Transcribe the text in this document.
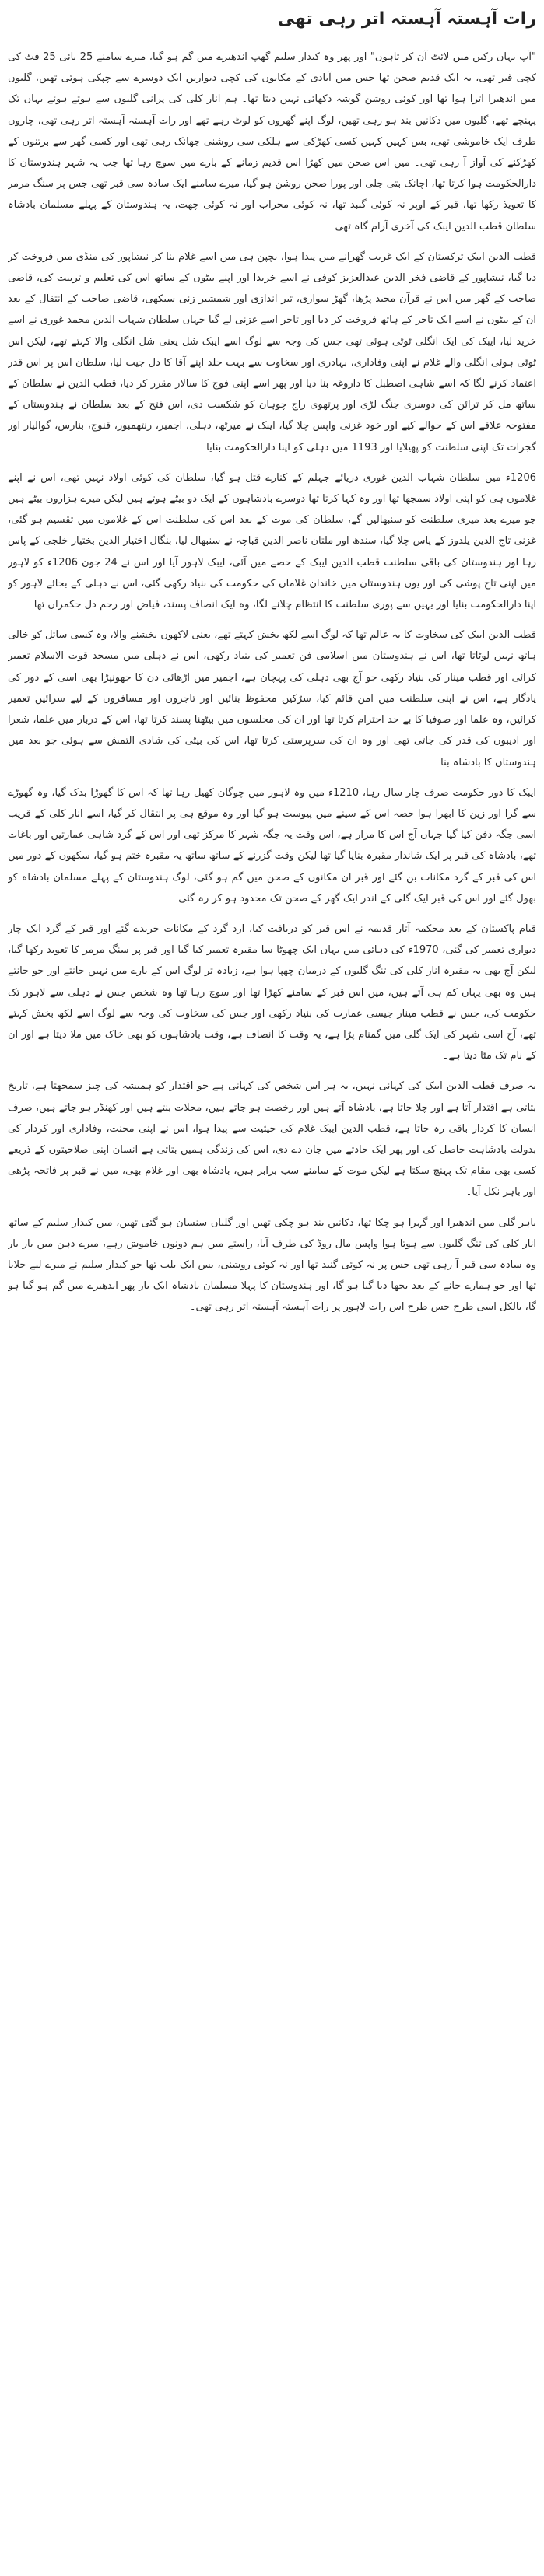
رات آہستہ آہستہ اتر رہی تھی

"آپ یہاں رکیں میں لائٹ آن کر تاہوں" اور پھر وہ کیدار سلیم گھپ اندھیرے میں گم ہو گیا، میرے سامنے 25 بائی 25 فٹ کی کچی قبر تھی، یہ ایک قدیم صحن تھا جس میں آبادی کے مکانوں کی کچی دیواریں ایک دوسرے سے چپکی ہوئی تھیں، گلیوں میں اندھیرا اترا ہوا تھا اور کوئی روشن گوشہ دکھائی نہیں دیتا تھا۔ ہم انار کلی کی پرانی گلیوں سے ہوتے ہوئے یہاں تک پہنچے تھے، گلیوں میں دکانیں بند ہو رہی تھیں، لوگ اپنے گھروں کو لوٹ رہے تھے اور رات آہستہ آہستہ اتر رہی تھی، چاروں طرف ایک خاموشی تھی، بس کہیں کہیں کسی کھڑکی سے ہلکی سی روشنی جھانک رہی تھی اور کسی گھر سے برتنوں کے کھڑکنے کی آواز آ رہی تھی۔ میں اس صحن میں کھڑا اس قدیم زمانے کے بارے میں سوچ رہا تھا جب یہ شہر ہندوستان کا دارالحکومت ہوا کرتا تھا، اچانک بتی جلی اور پورا صحن روشن ہو گیا، میرے سامنے ایک سادہ سی قبر تھی جس پر سنگ مرمر کا تعویذ رکھا تھا، قبر کے اوپر نہ کوئی گنبد تھا، نہ کوئی محراب اور نہ کوئی چھت، یہ ہندوستان کے پہلے مسلمان بادشاہ سلطان قطب الدین ایبک کی آخری آرام گاہ تھی۔

قطب الدین ایبک ترکستان کے ایک غریب گھرانے میں پیدا ہوا، بچپن ہی میں اسے غلام بنا کر نیشاپور کی منڈی میں فروخت کر دیا گیا، نیشاپور کے قاضی فخر الدین عبدالعزیز کوفی نے اسے خریدا اور اپنے بیٹوں کے ساتھ اس کی تعلیم و تربیت کی، قاضی صاحب کے گھر میں اس نے قرآن مجید پڑھا، گھڑ سواری، تیر اندازی اور شمشیر زنی سیکھی، قاضی صاحب کے انتقال کے بعد ان کے بیٹوں نے اسے ایک تاجر کے ہاتھ فروخت کر دیا اور تاجر اسے غزنی لے گیا جہاں سلطان شہاب الدین محمد غوری نے اسے خرید لیا، ایبک کی ایک انگلی ٹوٹی ہوئی تھی جس کی وجہ سے لوگ اسے ایبک شل یعنی شل انگلی والا کہتے تھے، لیکن اس ٹوٹی ہوئی انگلی والے غلام نے اپنی وفاداری، بہادری اور سخاوت سے بہت جلد اپنے آقا کا دل جیت لیا، سلطان اس پر اس قدر اعتماد کرنے لگا کہ اسے شاہی اصطبل کا داروغہ بنا دیا اور پھر اسے اپنی فوج کا سالار مقرر کر دیا، قطب الدین نے سلطان کے ساتھ مل کر ترائن کی دوسری جنگ لڑی اور پرتھوی راج چوہان کو شکست دی، اس فتح کے بعد سلطان نے ہندوستان کے مفتوحہ علاقے اس کے حوالے کیے اور خود غزنی واپس چلا گیا، ایبک نے میرٹھ، دہلی، اجمیر، رنتھمبور، قنوج، بنارس، گوالیار اور گجرات تک اپنی سلطنت کو پھیلایا اور 1193 میں دہلی کو اپنا دارالحکومت بنایا۔

1206ء میں سلطان شہاب الدین غوری دریائے جہلم کے کنارے قتل ہو گیا، سلطان کی کوئی اولاد نہیں تھی، اس نے اپنے غلاموں ہی کو اپنی اولاد سمجھا تھا اور وہ کہا کرتا تھا دوسرے بادشاہوں کے ایک دو بیٹے ہوتے ہیں لیکن میرے ہزاروں بیٹے ہیں جو میرے بعد میری سلطنت کو سنبھالیں گے، سلطان کی موت کے بعد اس کی سلطنت اس کے غلاموں میں تقسیم ہو گئی، غزنی تاج الدین یلدوز کے پاس چلا گیا، سندھ اور ملتان ناصر الدین قباچہ نے سنبھال لیا، بنگال اختیار الدین بختیار خلجی کے پاس رہا اور ہندوستان کی باقی سلطنت قطب الدین ایبک کے حصے میں آئی، ایبک لاہور آیا اور اس نے 24 جون 1206ء کو لاہور میں اپنی تاج پوشی کی اور یوں ہندوستان میں خاندان غلاماں کی حکومت کی بنیاد رکھی گئی، اس نے دہلی کے بجائے لاہور کو اپنا دارالحکومت بنایا اور یہیں سے پوری سلطنت کا انتظام چلانے لگا، وہ ایک انصاف پسند، فیاض اور رحم دل حکمران تھا۔

قطب الدین ایبک کی سخاوت کا یہ عالم تھا کہ لوگ اسے لکھ بخش کہتے تھے، یعنی لاکھوں بخشنے والا، وہ کسی سائل کو خالی ہاتھ نہیں لوٹاتا تھا، اس نے ہندوستان میں اسلامی فن تعمیر کی بنیاد رکھی، اس نے دہلی میں مسجد قوت الاسلام تعمیر کرائی اور قطب مینار کی بنیاد رکھی جو آج بھی دہلی کی پہچان ہے، اجمیر میں اڑھائی دن کا جھونپڑا بھی اسی کے دور کی یادگار ہے، اس نے اپنی سلطنت میں امن قائم کیا، سڑکیں محفوظ بنائیں اور تاجروں اور مسافروں کے لیے سرائیں تعمیر کرائیں، وہ علما اور صوفیا کا بے حد احترام کرتا تھا اور ان کی مجلسوں میں بیٹھنا پسند کرتا تھا، اس کے دربار میں علما، شعرا اور ادیبوں کی قدر کی جاتی تھی اور وہ ان کی سرپرستی کرتا تھا، اس کی بیٹی کی شادی التمش سے ہوئی جو بعد میں ہندوستان کا بادشاہ بنا۔

ایبک کا دور حکومت صرف چار سال رہا، 1210ء میں وہ لاہور میں چوگان کھیل رہا تھا کہ اس کا گھوڑا بدک گیا، وہ گھوڑے سے گرا اور زین کا ابھرا ہوا حصہ اس کے سینے میں پیوست ہو گیا اور وہ موقع ہی پر انتقال کر گیا، اسے انار کلی کے قریب اسی جگہ دفن کیا گیا جہاں آج اس کا مزار ہے، اس وقت یہ جگہ شہر کا مرکز تھی اور اس کے گرد شاہی عمارتیں اور باغات تھے، بادشاہ کی قبر پر ایک شاندار مقبرہ بنایا گیا تھا لیکن وقت گزرنے کے ساتھ ساتھ یہ مقبرہ ختم ہو گیا، سکھوں کے دور میں اس کی قبر کے گرد مکانات بن گئے اور قبر ان مکانوں کے صحن میں گم ہو گئی، لوگ ہندوستان کے پہلے مسلمان بادشاہ کو بھول گئے اور اس کی قبر ایک گلی کے اندر ایک گھر کے صحن تک محدود ہو کر رہ گئی۔

قیام پاکستان کے بعد محکمہ آثار قدیمہ نے اس قبر کو دریافت کیا، ارد گرد کے مکانات خریدے گئے اور قبر کے گرد ایک چار دیواری تعمیر کی گئی، 1970ء کی دہائی میں یہاں ایک چھوٹا سا مقبرہ تعمیر کیا گیا اور قبر پر سنگ مرمر کا تعویذ رکھا گیا، لیکن آج بھی یہ مقبرہ انار کلی کی تنگ گلیوں کے درمیان چھپا ہوا ہے، زیادہ تر لوگ اس کے بارے میں نہیں جانتے اور جو جانتے ہیں وہ بھی یہاں کم ہی آتے ہیں، میں اس قبر کے سامنے کھڑا تھا اور سوچ رہا تھا وہ شخص جس نے دہلی سے لاہور تک حکومت کی، جس نے قطب مینار جیسی عمارت کی بنیاد رکھی اور جس کی سخاوت کی وجہ سے لوگ اسے لکھ بخش کہتے تھے، آج اسی شہر کی ایک گلی میں گمنام پڑا ہے، یہ وقت کا انصاف ہے، وقت بادشاہوں کو بھی خاک میں ملا دیتا ہے اور ان کے نام تک مٹا دیتا ہے۔

یہ صرف قطب الدین ایبک کی کہانی نہیں، یہ ہر اس شخص کی کہانی ہے جو اقتدار کو ہمیشہ کی چیز سمجھتا ہے، تاریخ بتاتی ہے اقتدار آتا ہے اور چلا جاتا ہے، بادشاہ آتے ہیں اور رخصت ہو جاتے ہیں، محلات بنتے ہیں اور کھنڈر ہو جاتے ہیں، صرف انسان کا کردار باقی رہ جاتا ہے، قطب الدین ایبک غلام کی حیثیت سے پیدا ہوا، اس نے اپنی محنت، وفاداری اور کردار کی بدولت بادشاہت حاصل کی اور پھر ایک حادثے میں جان دے دی، اس کی زندگی ہمیں بتاتی ہے انسان اپنی صلاحیتوں کے ذریعے کسی بھی مقام تک پہنچ سکتا ہے لیکن موت کے سامنے سب برابر ہیں، بادشاہ بھی اور غلام بھی، میں نے قبر پر فاتحہ پڑھی اور باہر نکل آیا۔

باہر گلی میں اندھیرا اور گہرا ہو چکا تھا، دکانیں بند ہو چکی تھیں اور گلیاں سنسان ہو گئی تھیں، میں کیدار سلیم کے ساتھ انار کلی کی تنگ گلیوں سے ہوتا ہوا واپس مال روڈ کی طرف آیا، راستے میں ہم دونوں خاموش رہے، میرے ذہن میں بار بار وہ سادہ سی قبر آ رہی تھی جس پر نہ کوئی گنبد تھا اور نہ کوئی روشنی، بس ایک بلب تھا جو کیدار سلیم نے میرے لیے جلایا تھا اور جو ہمارے جانے کے بعد بجھا دیا گیا ہو گا، اور ہندوستان کا پہلا مسلمان بادشاہ ایک بار پھر اندھیرے میں گم ہو گیا ہو گا، بالکل اسی طرح جس طرح اس رات لاہور پر رات آہستہ آہستہ اتر رہی تھی۔
